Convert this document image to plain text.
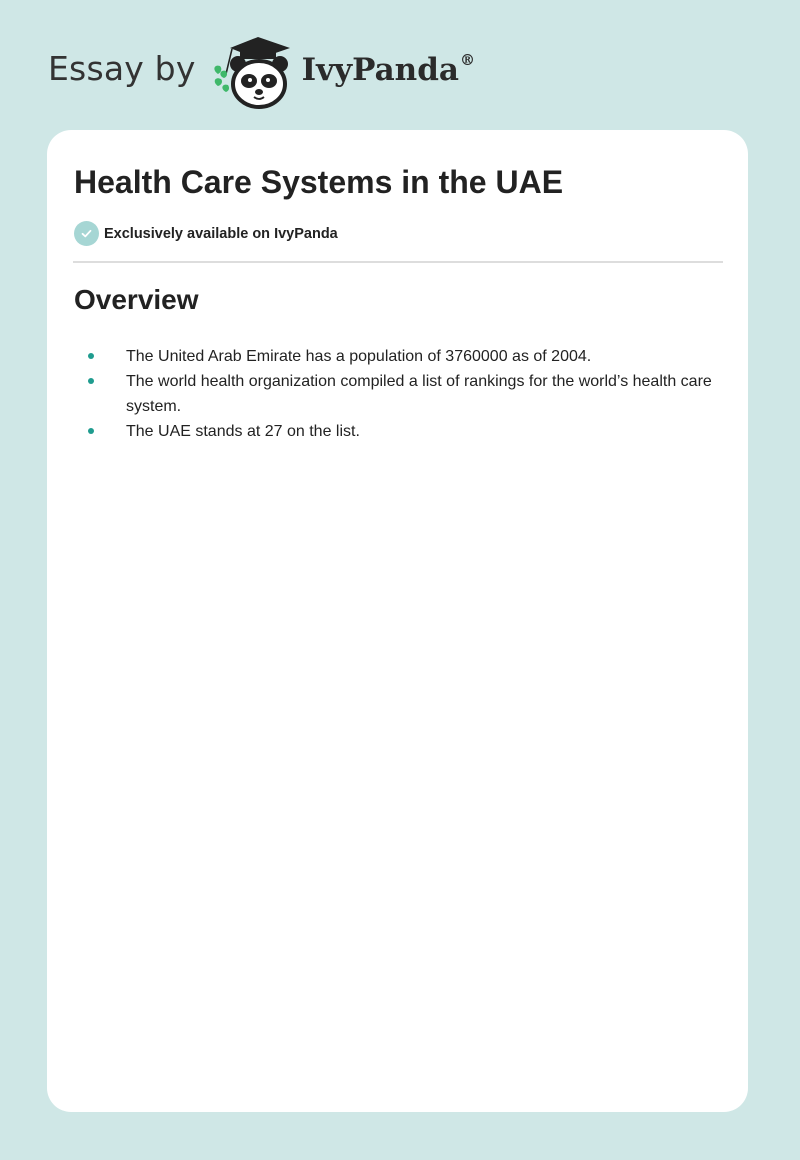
Essay by	IvyPanda®
Health Care Systems in the UAE
Exclusively available on IvyPanda
Overview
The United Arab Emirate has a population of 3760000 as of 2004.
The world health organization compiled a list of rankings for the world’s health care system.
The UAE stands at 27 on the list.
